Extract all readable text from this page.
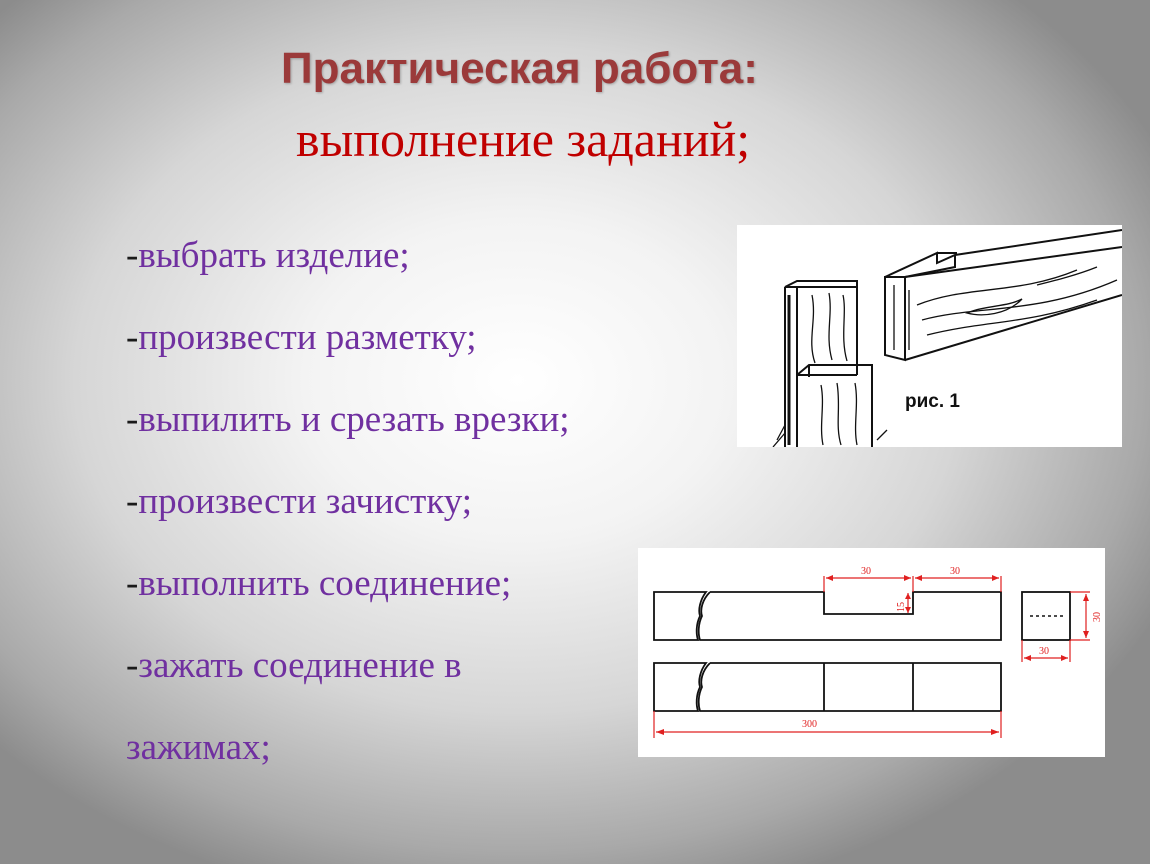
Практическая работа:
выполнение заданий;
-выбрать изделие;
-произвести разметку;
-выпилить и срезать врезки;
-произвести зачистку;
-выполнить соединение;
-зажать соединение в
зажимах;
рис. 1
30	30
15
30
30
300
